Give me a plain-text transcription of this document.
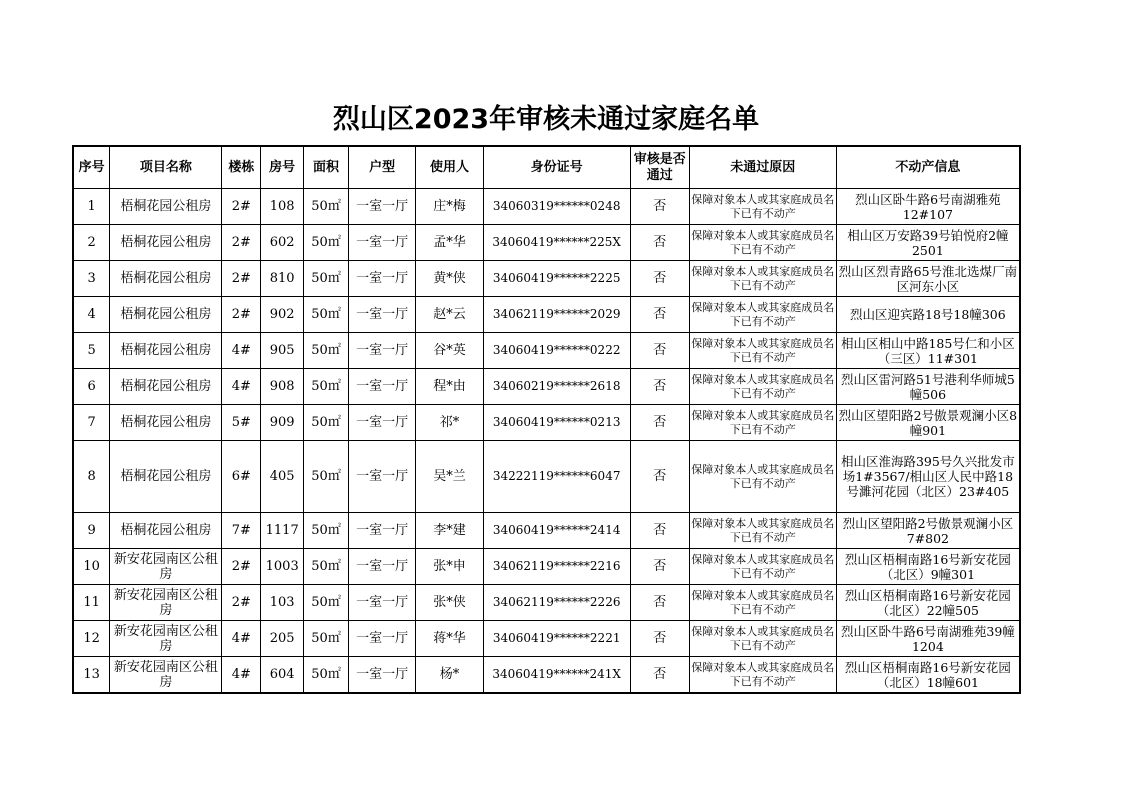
烈山区2023年审核未通过家庭名单
序号	项目名称	楼栋	房号	面积	户型	使用人	身份证号	审核是否通过	未通过原因	不动产信息
1	梧桐花园公租房	2#	108	50㎡	一室一厅	庄*梅	34060319******0248	否	保障对象本人或其家庭成员名下已有不动产	烈山区卧牛路6号南湖雅苑12#107
2	梧桐花园公租房	2#	602	50㎡	一室一厅	孟*华	34060419******225X	否	保障对象本人或其家庭成员名下已有不动产	相山区万安路39号铂悦府2幢2501
3	梧桐花园公租房	2#	810	50㎡	一室一厅	黄*侠	34060419******2225	否	保障对象本人或其家庭成员名下已有不动产	烈山区烈青路65号淮北选煤厂南区河东小区
4	梧桐花园公租房	2#	902	50㎡	一室一厅	赵*云	34062119******2029	否	保障对象本人或其家庭成员名下已有不动产	烈山区迎宾路18号18幢306
5	梧桐花园公租房	4#	905	50㎡	一室一厅	谷*英	34060419******0222	否	保障对象本人或其家庭成员名下已有不动产	相山区相山中路185号仁和小区（三区）11#301
6	梧桐花园公租房	4#	908	50㎡	一室一厅	程*由	34060219******2618	否	保障对象本人或其家庭成员名下已有不动产	烈山区雷河路51号港利华师城5幢506
7	梧桐花园公租房	5#	909	50㎡	一室一厅	祁*	34060419******0213	否	保障对象本人或其家庭成员名下已有不动产	烈山区望阳路2号傲景观澜小区8幢901
8	梧桐花园公租房	6#	405	50㎡	一室一厅	吴*兰	34222119******6047	否	保障对象本人或其家庭成员名下已有不动产	相山区淮海路395号久兴批发市场1#3567/相山区人民中路18号濉河花园（北区）23#405
9	梧桐花园公租房	7#	1117	50㎡	一室一厅	李*建	34060419******2414	否	保障对象本人或其家庭成员名下已有不动产	烈山区望阳路2号傲景观澜小区7#802
10	新安花园南区公租房	2#	1003	50㎡	一室一厅	张*申	34062119******2216	否	保障对象本人或其家庭成员名下已有不动产	烈山区梧桐南路16号新安花园（北区）9幢301
11	新安花园南区公租房	2#	103	50㎡	一室一厅	张*侠	34062119******2226	否	保障对象本人或其家庭成员名下已有不动产	烈山区梧桐南路16号新安花园（北区）22幢505
12	新安花园南区公租房	4#	205	50㎡	一室一厅	蒋*华	34060419******2221	否	保障对象本人或其家庭成员名下已有不动产	烈山区卧牛路6号南湖雅苑39幢1204
13	新安花园南区公租房	4#	604	50㎡	一室一厅	杨*	34060419******241X	否	保障对象本人或其家庭成员名下已有不动产	烈山区梧桐南路16号新安花园（北区）18幢601
